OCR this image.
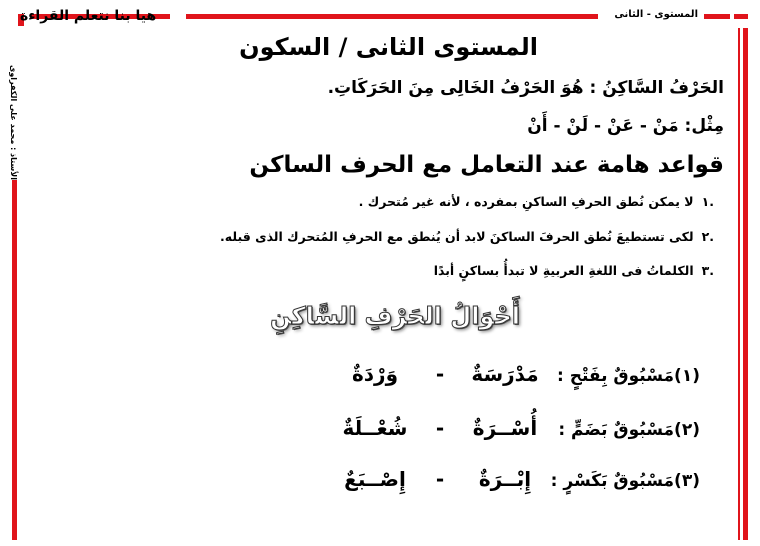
هيا بنا نتعلم القراءة	المستوى - الثانى
الأستاذ : محمد على الكفراوى
المستوى الثانى / السكون
الحَرْفُ السَّاكِنُ : هُوَ الحَرْفُ الخَالِى مِنَ الحَرَكَاتِ.
مِثْل: مَنْ - عَنْ - لَنْ - أَنْ
قواعد هامة عند التعامل مع الحرف الساكن
.١لا يمكن نُطق الحرفِ الساكنِ بمفرده ، لأنه غير مُتحرك .
.٢لكى تستطيعَ نُطق الحرفَ الساكنَ لابد أن يُنطق مع الحرفِ المُتحرك الذى قبله.
.٣الكلماتُ فى اللغةِ العربيةِ لا تبدأُ بساكنٍ أبدًا
أَحْوَالُ الحَرْفِ السَّاكِنِ
(١)مَسْبُوقٌ بِفَتْحٍ :مَدْرَسَةٌ-وَرْدَةٌ
(٢)مَسْبُوقٌ بَضَمٍّ :أُسْــرَةٌ-شُعْــلَةٌ
(٣)مَسْبُوقٌ بَكَسْرٍ :إِبْــرَةٌ-إِصْــبَعٌ
